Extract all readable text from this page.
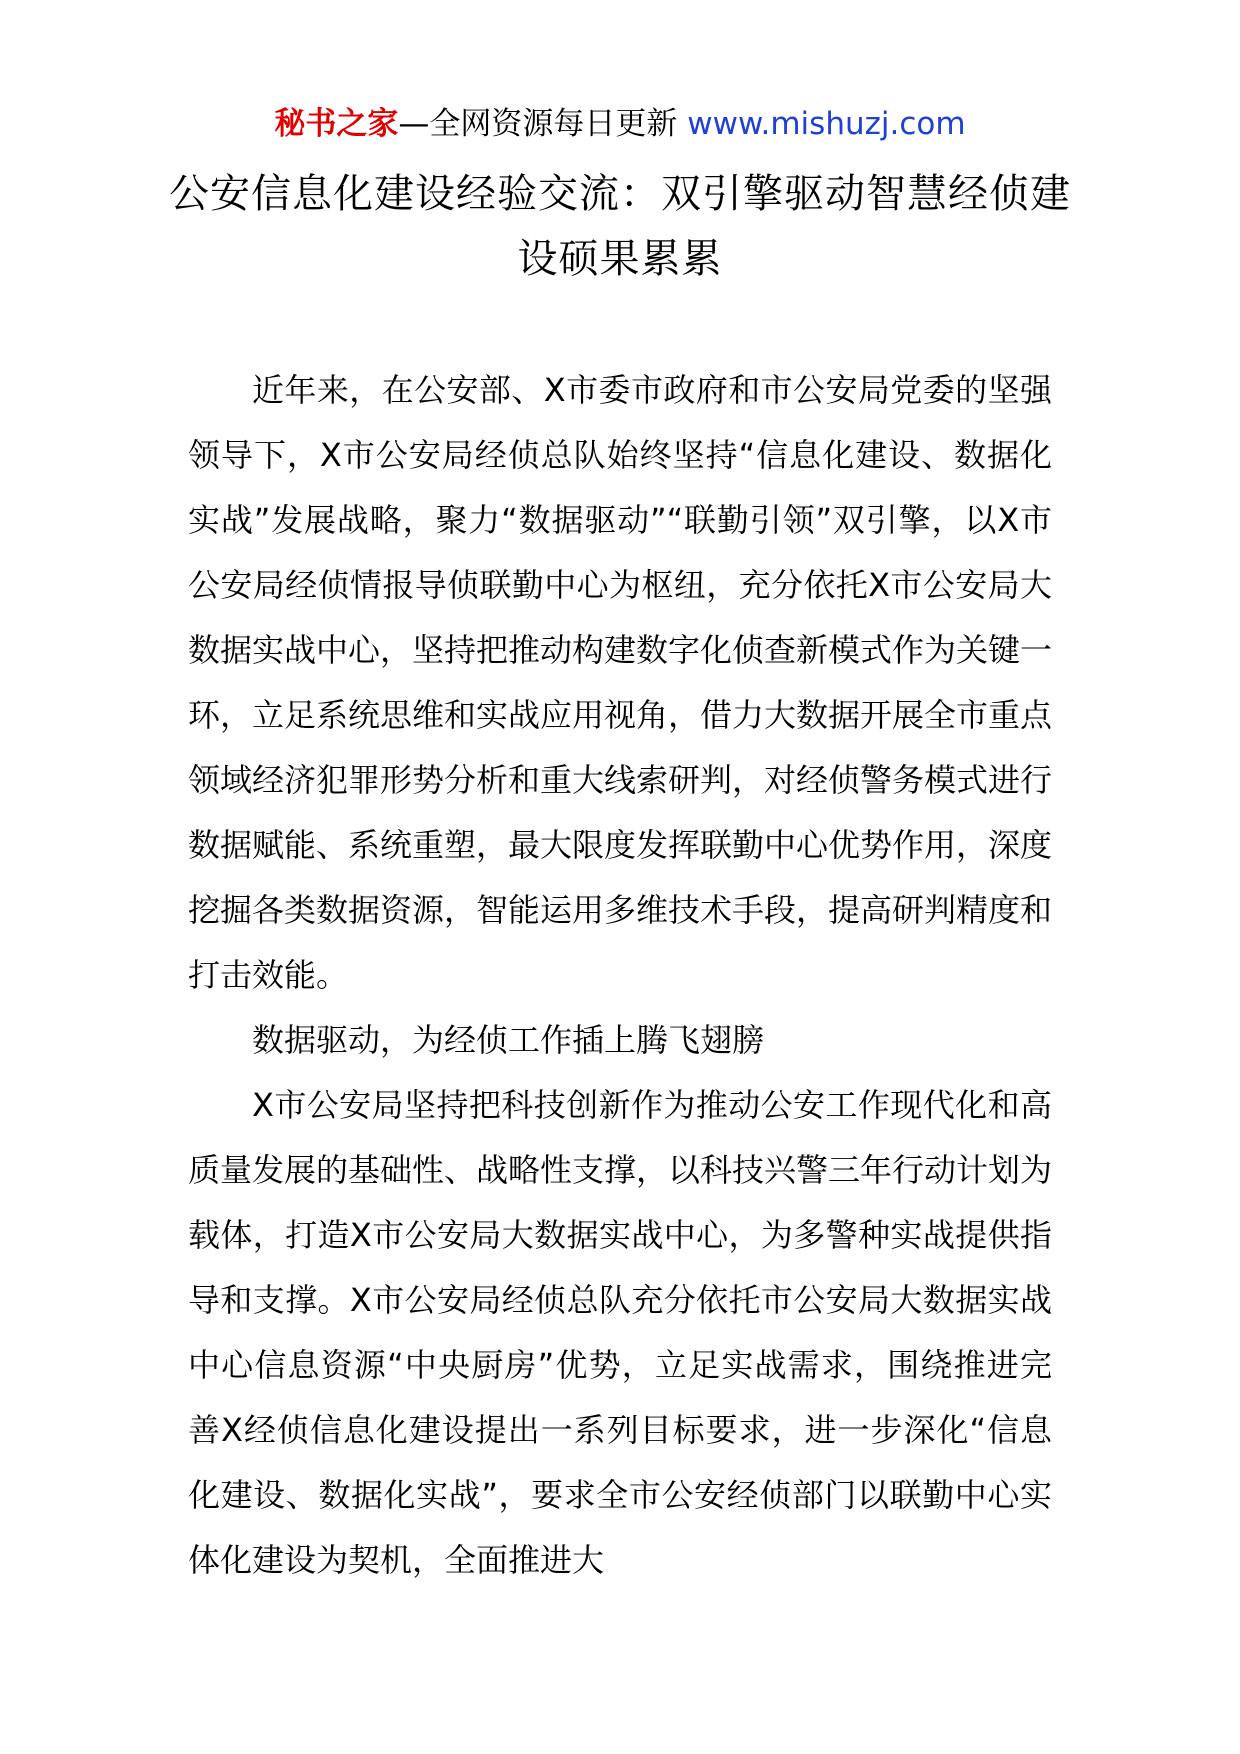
秘书之家—全网资源每日更新 www.mishuzj.com
公安信息化建设经验交流：双引擎驱动智慧经侦建设硕果累累

近年来，在公安部、X市委市政府和市公安局党委的坚强领导下，X市公安局经侦总队始终坚持“信息化建设、数据化实战”发展战略，聚力“数据驱动”“联勤引领”双引擎，以X市公安局经侦情报导侦联勤中心为枢纽，充分依托X市公安局大数据实战中心，坚持把推动构建数字化侦查新模式作为关键一环，立足系统思维和实战应用视角，借力大数据开展全市重点领域经济犯罪形势分析和重大线索研判，对经侦警务模式进行数据赋能、系统重塑，最大限度发挥联勤中心优势作用，深度挖掘各类数据资源，智能运用多维技术手段，提高研判精度和打击效能。

数据驱动，为经侦工作插上腾飞翅膀

X市公安局坚持把科技创新作为推动公安工作现代化和高质量发展的基础性、战略性支撑，以科技兴警三年行动计划为载体，打造X市公安局大数据实战中心，为多警种实战提供指导和支撑。X市公安局经侦总队充分依托市公安局大数据实战中心信息资源“中央厨房”优势，立足实战需求，围绕推进完善X经侦信息化建设提出一系列目标要求，进一步深化“信息化建设、数据化实战”，要求全市公安经侦部门以联勤中心实体化建设为契机，全面推进大
